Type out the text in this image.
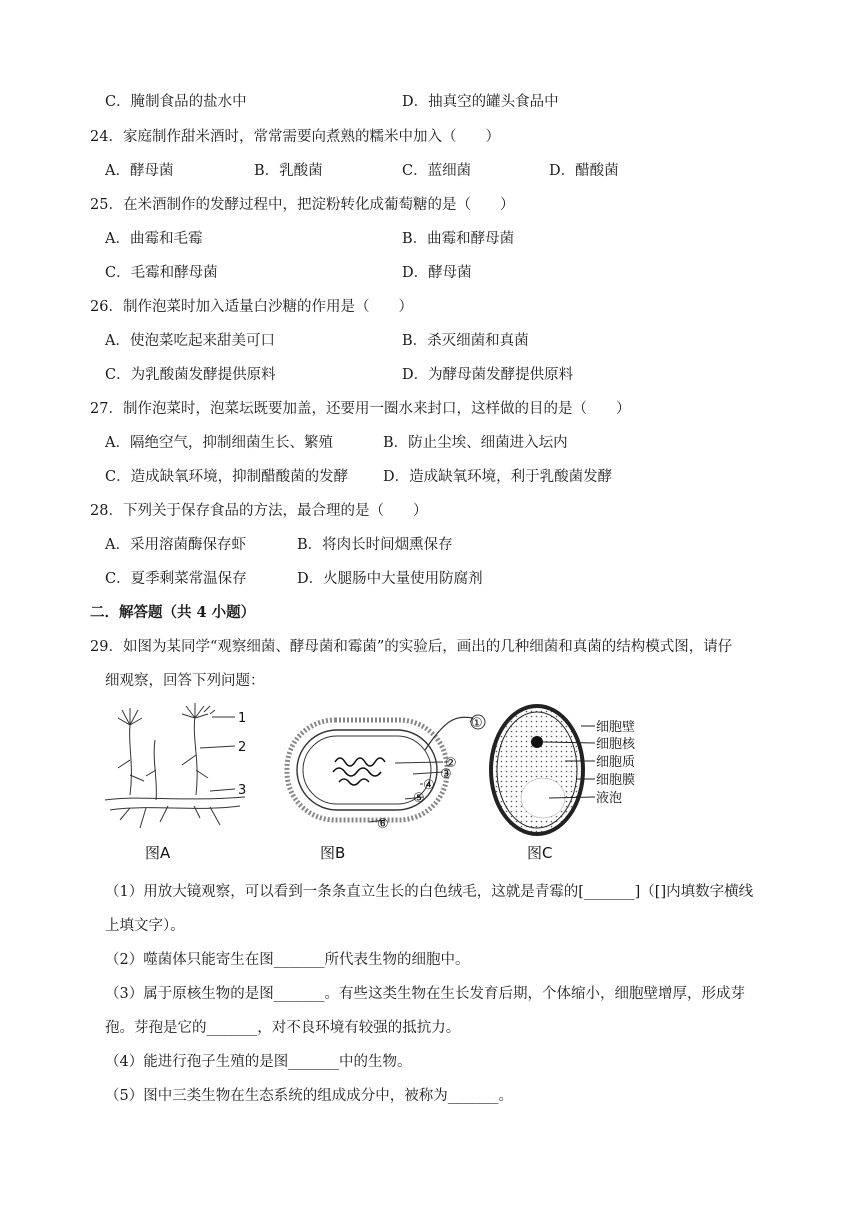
C．腌制食品的盐水中	D．抽真空的罐头食品中
24．家庭制作甜米酒时，常常需要向煮熟的糯米中加入（　　）
A．酵母菌	B．乳酸菌	C．蓝细菌	D．醋酸菌
25．在米酒制作的发酵过程中，把淀粉转化成葡萄糖的是（　　）
A．曲霉和毛霉	B．曲霉和酵母菌
C．毛霉和酵母菌	D．酵母菌
26．制作泡菜时加入适量白沙糖的作用是（　　）
A．使泡菜吃起来甜美可口	B．杀灭细菌和真菌
C．为乳酸菌发酵提供原料	D．为酵母菌发酵提供原料
27．制作泡菜时，泡菜坛既要加盖，还要用一圈水来封口，这样做的目的是（　　）
A．隔绝空气，抑制细菌生长、繁殖	B．防止尘埃、细菌进入坛内
C．造成缺氧环境，抑制醋酸菌的发酵 D．造成缺氧环境，利于乳酸菌发酵
28．下列关于保存食品的方法，最合理的是（　　）
A．采用溶菌酶保存虾	B．将肉长时间烟熏保存
C．夏季剩菜常温保存	D．火腿肠中大量使用防腐剂
二．解答题（共 4 小题）
29．如图为某同学“观察细菌、酵母菌和霉菌”的实验后，画出的几种细菌和真菌的结构模式图，请仔
细观察，回答下列问题：
1
2
3
图A
①
②
③
④
⑤
⑥
图B
细胞壁
细胞核
细胞质
细胞膜
液泡
图C
（1）用放大镜观察，可以看到一条条直立生长的白色绒毛，这就是青霉的[_______]（[]内填数字横线
上填文字）。
（2）噬菌体只能寄生在图_______所代表生物的细胞中。
（3）属于原核生物的是图_______。有些这类生物在生长发育后期，个体缩小，细胞壁增厚，形成芽
孢。芽孢是它的_______，对不良环境有较强的抵抗力。
（4）能进行孢子生殖的是图_______中的生物。
（5）图中三类生物在生态系统的组成成分中，被称为_______。
